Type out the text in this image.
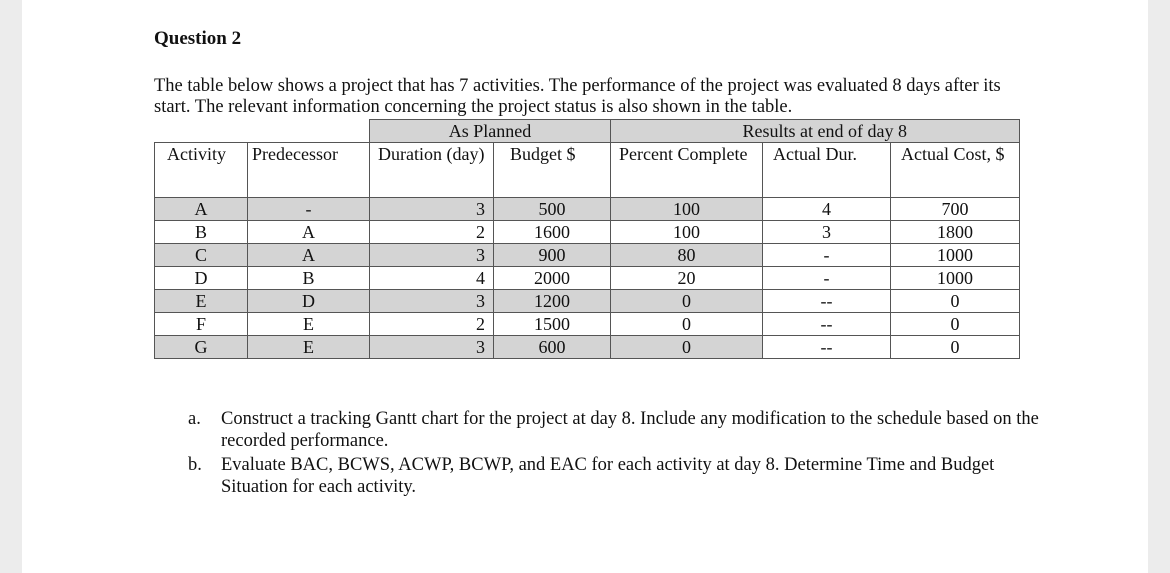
Question 2
The table below shows a project that has 7 activities. The performance of the project was evaluated 8 days after its start. The relevant information concerning the project status is also shown in the table.
		As Planned		Results at end of day 8		
Activity	Predecessor	Duration (day)	Budget $	Percent Complete	Actual Dur.	Actual Cost, $
A	-	3	500	100	4	700
B	A	2	1600	100	3	1800
C	A	3	900	80	-	1000
D	B	4	2000	20	-	1000
E	D	3	1200	0	--	0
F	E	2	1500	0	--	0
G	E	3	600	0	--	0
a.	Construct a tracking Gantt chart for the project at day 8. Include any modification to the schedule based on the recorded performance.
b.	Evaluate BAC, BCWS, ACWP, BCWP, and EAC for each activity at day 8. Determine Time and Budget Situation for each activity.
